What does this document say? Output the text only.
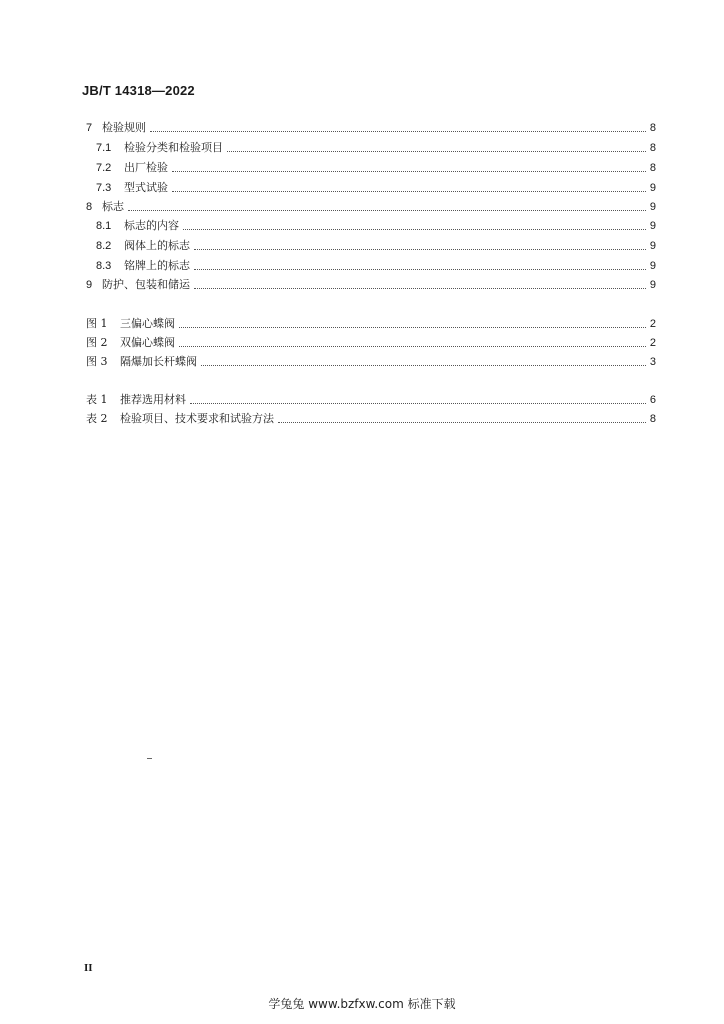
JB/T 14318—2022
7 检验规则	8
7.1	检验分类和检验项目	8
7.2	出厂检验	8
7.3	型式试验	9
8 标志	9
8.1	标志的内容	9
8.2	阀体上的标志	9
8.3	铭牌上的标志	9
9 防护、包装和储运	9
图 1	三偏心蝶阀	2
图 2	双偏心蝶阀	2
图 3	隔爆加长杆蝶阀	3
表 1	推荐选用材料	6
表 2	检验项目、技术要求和试验方法	8
II
学兔兔 www.bzfxw.com 标准下载
